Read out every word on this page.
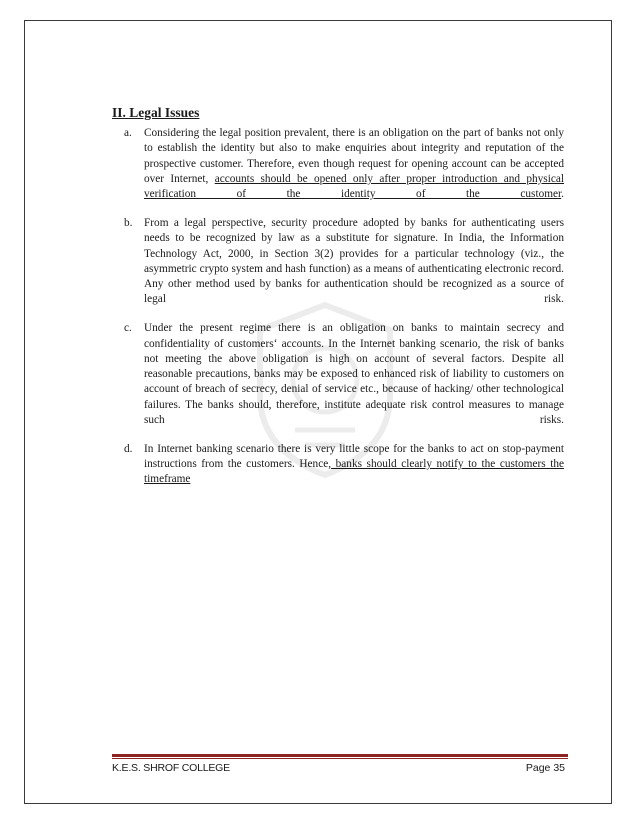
II. Legal Issues
a. Considering the legal position prevalent, there is an obligation on the part of banks not only to establish the identity but also to make enquiries about integrity and reputation of the prospective customer. Therefore, even though request for opening account can be accepted over Internet, accounts should be opened only after proper introduction and physical verification of the identity of the customer.
b. From a legal perspective, security procedure adopted by banks for authenticating users needs to be recognized by law as a substitute for signature. In India, the Information Technology Act, 2000, in Section 3(2) provides for a particular technology (viz., the asymmetric crypto system and hash function) as a means of authenticating electronic record. Any other method used by banks for authentication should be recognized as a source of legal risk.
c. Under the present regime there is an obligation on banks to maintain secrecy and confidentiality of customers‘ accounts. In the Internet banking scenario, the risk of banks not meeting the above obligation is high on account of several factors. Despite all reasonable precautions, banks may be exposed to enhanced risk of liability to customers on account of breach of secrecy, denial of service etc., because of hacking/ other technological failures. The banks should, therefore, institute adequate risk control measures to manage such risks.
d. In Internet banking scenario there is very little scope for the banks to act on stop-payment instructions from the customers. Hence, banks should clearly notify to the customers the timeframe
K.E.S. SHROF COLLEGE	Page 35
